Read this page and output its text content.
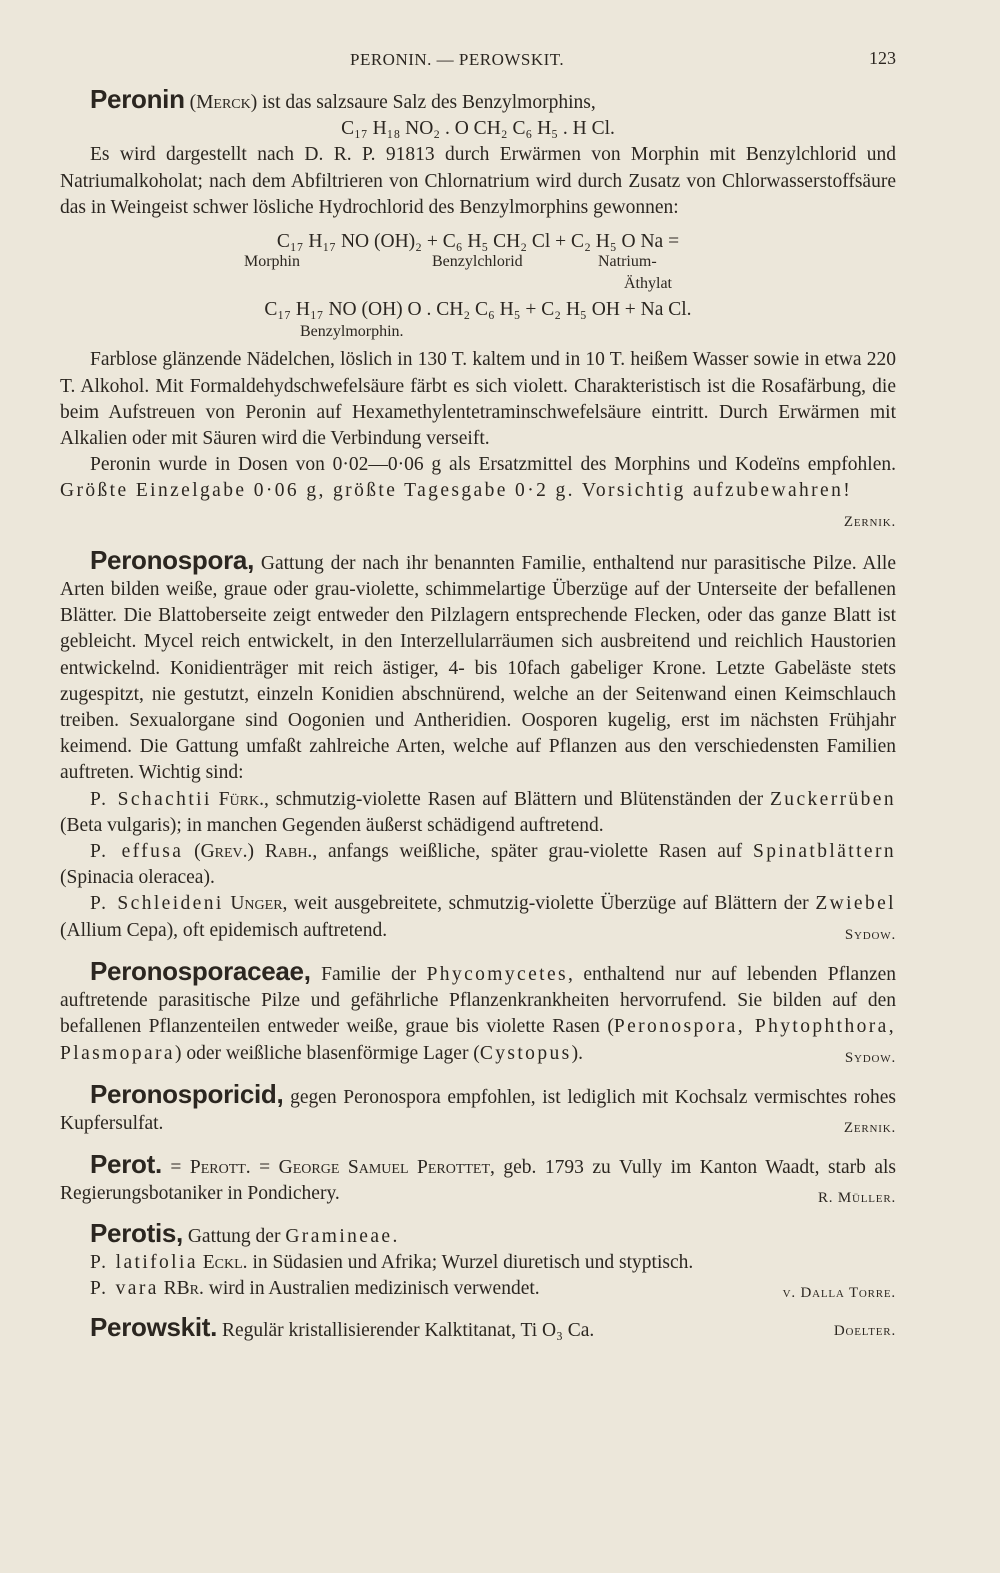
PERONIN. — PEROWSKIT.	123

Peronin (Merck) ist das salzsaure Salz des Benzylmorphins,

C₁₇ H₁₈ NO₂ . O CH₂ C₆ H₅ . H Cl.

Es wird dargestellt nach D. R. P. 91813 durch Erwärmen von Morphin mit Benzylchlorid und Natriumalkoholat; nach dem Abfiltrieren von Chlornatrium wird durch Zusatz von Chlorwasserstoffsäure das in Weingeist schwer lösliche Hydrochlorid des Benzylmorphins gewonnen:

C₁₇ H₁₇ NO (OH)₂ + C₆ H₅ CH₂ Cl + C₂ H₅ O Na =

Morphin	Benzylchlorid	Natrium-
Äthylat

C₁₇ H₁₇ NO (OH) O . CH₂ C₆ H₅ + C₂ H₅ OH + Na Cl.

Benzylmorphin.

Farblose glänzende Nädelchen, löslich in 130 T. kaltem und in 10 T. heißem Wasser sowie in etwa 220 T. Alkohol. Mit Formaldehydschwefelsäure färbt es sich violett. Charakteristisch ist die Rosafärbung, die beim Aufstreuen von Peronin auf Hexamethylentetraminschwefelsäure eintritt. Durch Erwärmen mit Alkalien oder mit Säuren wird die Verbindung verseift.

Peronin wurde in Dosen von 0·02—0·06 g als Ersatzmittel des Morphins und Kodeïns empfohlen. Größte Einzelgabe 0·06 g, größte Tagesgabe 0·2 g. Vorsichtig aufzubewahren!
Zernik.

Peronospora, Gattung der nach ihr benannten Familie, enthaltend nur parasitische Pilze. Alle Arten bilden weiße, graue oder grau-violette, schimmelartige Überzüge auf der Unterseite der befallenen Blätter. Die Blattoberseite zeigt entweder den Pilzlagern entsprechende Flecken, oder das ganze Blatt ist gebleicht. Mycel reich entwickelt, in den Interzellularräumen sich ausbreitend und reichlich Haustorien entwickelnd. Konidienträger mit reich ästiger, 4- bis 10fach gabeliger Krone. Letzte Gabeläste stets zugespitzt, nie gestutzt, einzeln Konidien abschnürend, welche an der Seitenwand einen Keimschlauch treiben. Sexualorgane sind Oogonien und Antheridien. Oosporen kugelig, erst im nächsten Frühjahr keimend. Die Gattung umfaßt zahlreiche Arten, welche auf Pflanzen aus den verschiedensten Familien auftreten. Wichtig sind:

P. Schachtii Fürk., schmutzig-violette Rasen auf Blättern und Blütenständen der Zuckerrüben (Beta vulgaris); in manchen Gegenden äußerst schädigend auftretend.

P. effusa (Grev.) Rabh., anfangs weißliche, später grau-violette Rasen auf Spinatblättern (Spinacia oleracea).

P. Schleideni Unger, weit ausgebreitete, schmutzig-violette Überzüge auf Blättern der Zwiebel (Allium Cepa), oft epidemisch auftretend.	Sydow.

Peronosporaceae, Familie der Phycomycetes, enthaltend nur auf lebenden Pflanzen auftretende parasitische Pilze und gefährliche Pflanzenkrankheiten hervorrufend. Sie bilden auf den befallenen Pflanzenteilen entweder weiße, graue bis violette Rasen (Peronospora, Phytophthora, Plasmopara) oder weißliche blasenförmige Lager (Cystopus).	Sydow.

Peronosporicid, gegen Peronospora empfohlen, ist lediglich mit Kochsalz vermischtes rohes Kupfersulfat.	Zernik.

Perot. = Perott. = George Samuel Perottet, geb. 1793 zu Vully im Kanton Waadt, starb als Regierungsbotaniker in Pondichery.	R. Müller.

Perotis, Gattung der Gramineae.

P. latifolia Eckl. in Südasien und Afrika; Wurzel diuretisch und styptisch.

P. vara RBr. wird in Australien medizinisch verwendet.	v. Dalla Torre.

Perowskit. Regulär kristallisierender Kalktitanat, Ti O₃ Ca.	Doelter.
